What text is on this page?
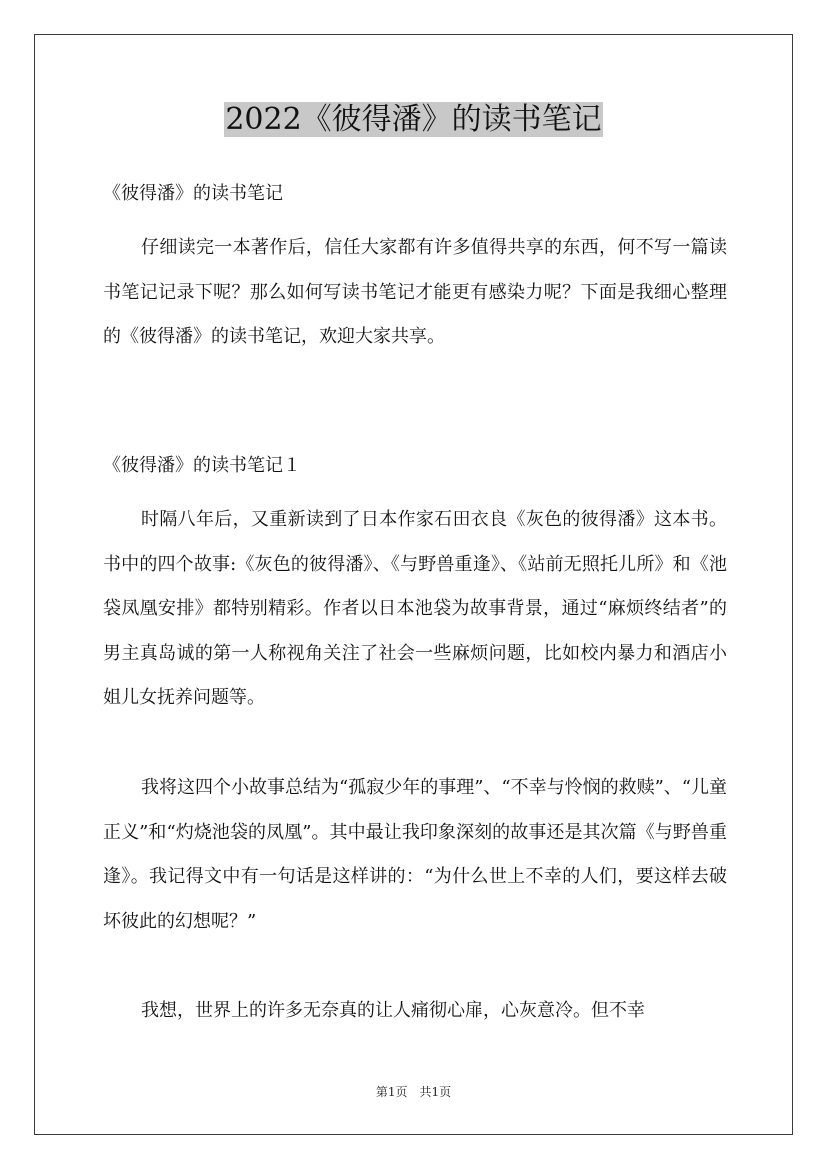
2022《彼得潘》的读书笔记
《彼得潘》的读书笔记
仔细读完一本著作后，信任大家都有许多值得共享的东西，何不写一篇读书笔记记录下呢？那么如何写读书笔记才能更有感染力呢？下面是我细心整理的《彼得潘》的读书笔记，欢迎大家共享。
《彼得潘》的读书笔记１
时隔八年后，又重新读到了日本作家石田衣良《灰色的彼得潘》这本书。书中的四个故事:《灰色的彼得潘》、《与野兽重逢》、《站前无照托儿所》和《池袋凤凰安排》都特别精彩。作者以日本池袋为故事背景，通过“麻烦终结者”的男主真岛诚的第一人称视角关注了社会一些麻烦问题，比如校内暴力和酒店小姐儿女抚养问题等。
我将这四个小故事总结为“孤寂少年的事理”、“不幸与怜悯的救赎”、“儿童正义”和“灼烧池袋的凤凰”。其中最让我印象深刻的故事还是其次篇《与野兽重逢》。我记得文中有一句话是这样讲的：“为什么世上不幸的人们，要这样去破坏彼此的幻想呢？”
我想，世界上的许多无奈真的让人痛彻心扉，心灰意冷。但不幸
第1页　共1页
